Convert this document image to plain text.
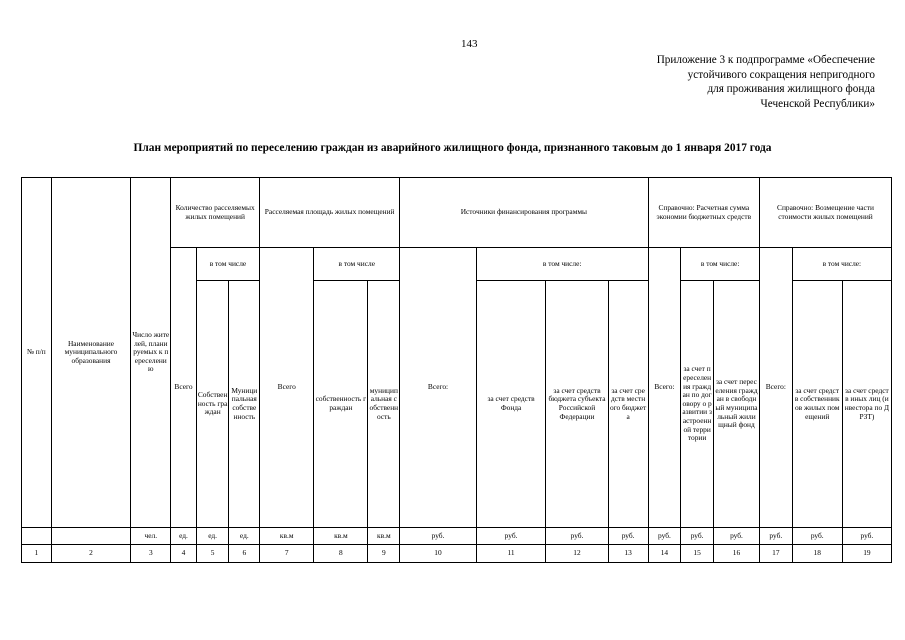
143
Приложение 3 к подпрограмме «Обеспечение
устойчивого сокращения непригодного
для проживания жилищного фонда
Чеченской Республики»
План мероприятий по переселению граждан из аварийного жилищного фонда, признанного таковым до 1 января 2017 года
№ п/п	Наименование муниципального образования	Число жителей, планируемых к переселению	Количество расселяемых жилых помещений			Расселяемая площадь жилых помещений			Источники финансирования программы				Справочно: Расчетная сумма экономии бюджетных средств			Справочно: Возмещение части стоимости жилых помещений		
			Всего	в том числе		Всего	в том числе		Всего:	в том числе:			Всего:	в том числе:		Всего:	в том числе:	
				Собственность граждан	Муниципальная собственность		собственность граждан	муниципальная собственность		за счет средств Фонда	за счет средств бюджета субъекта Российской Федерации	за счет средств местного бюджета		за счет переселения граждан по договору о развитии застроенной территории	за счет переселения граждан в свободный муниципальный жилищный фонд		за счет средств собственников жилых помещений	за счет средств иных лиц (инвестора по ДРЗТ)
		чел.	ед.	ед.	ед.	кв.м	кв.м	кв.м	руб.	руб.	руб.	руб.	руб.	руб.	руб.	руб.	руб.	руб.
1	2	3	4	5	6	7	8	9	10	11	12	13	14	15	16	17	18	19
